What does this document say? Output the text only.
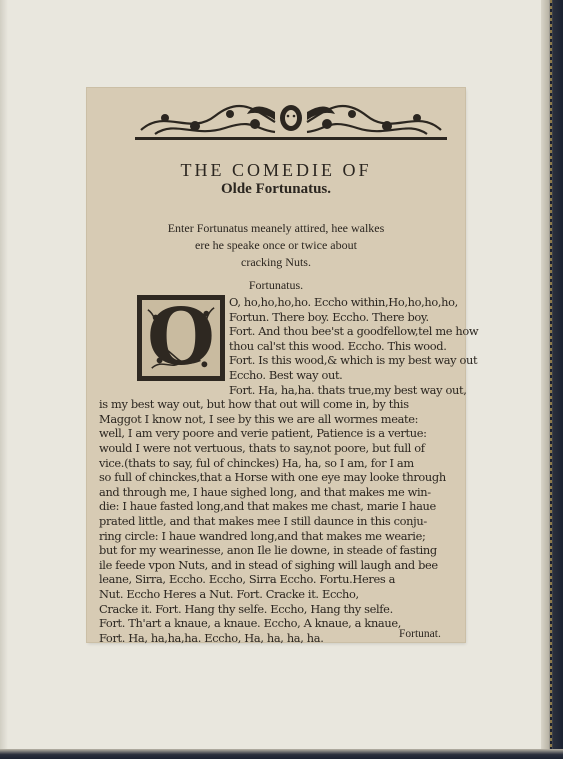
THE COMEDIE OF
Olde Fortunatus.
Enter Fortunatus meanely attired, hee walkes
ere he speake once or twice about
cracking Nuts.

Fortunatus.

O O, ho,ho,ho,ho. Eccho within,Ho,ho,ho,ho,

Fortun. There boy. Eccho. There boy.

Fort. And thou bee'st a goodfellow,tel me how

thou cal'st this wood. Eccho. This wood.

Fort. Is this wood,& which is my best way out

Eccho. Best way out.

Fort. Ha, ha,ha. thats true,my best way out,

is my best way out, but how that out will come in, by this

Maggot I know not, I see by this we are all wormes meate:

well, I am very poore and verie patient, Patience is a vertue:

would I were not vertuous, thats to say,not poore, but full of

vice.(thats to say, ful of chinckes) Ha, ha, so I am, for I am

so full of chinckes,that a Horse with one eye may looke through

and through me, I haue sighed long, and that makes me win-

die: I haue fasted long,and that makes me chast, marie I haue

prated little, and that makes mee I still daunce in this conju-

ring circle: I haue wandred long,and that makes me wearie;

but for my wearinesse, anon Ile lie downe, in steade of fasting

ile feede vpon Nuts, and in stead of sighing will laugh and bee

leane, Sirra, Eccho. Eccho, Sirra Eccho. Fortu.Heres a

Nut. Eccho Heres a Nut. Fort. Cracke it. Eccho,

Cracke it. Fort. Hang thy selfe. Eccho, Hang thy selfe.

Fort. Th'art a knaue, a knaue. Eccho, A knaue, a knaue,

Fort. Ha, ha,ha,ha. Eccho, Ha, ha, ha, ha.	Fortunat.
